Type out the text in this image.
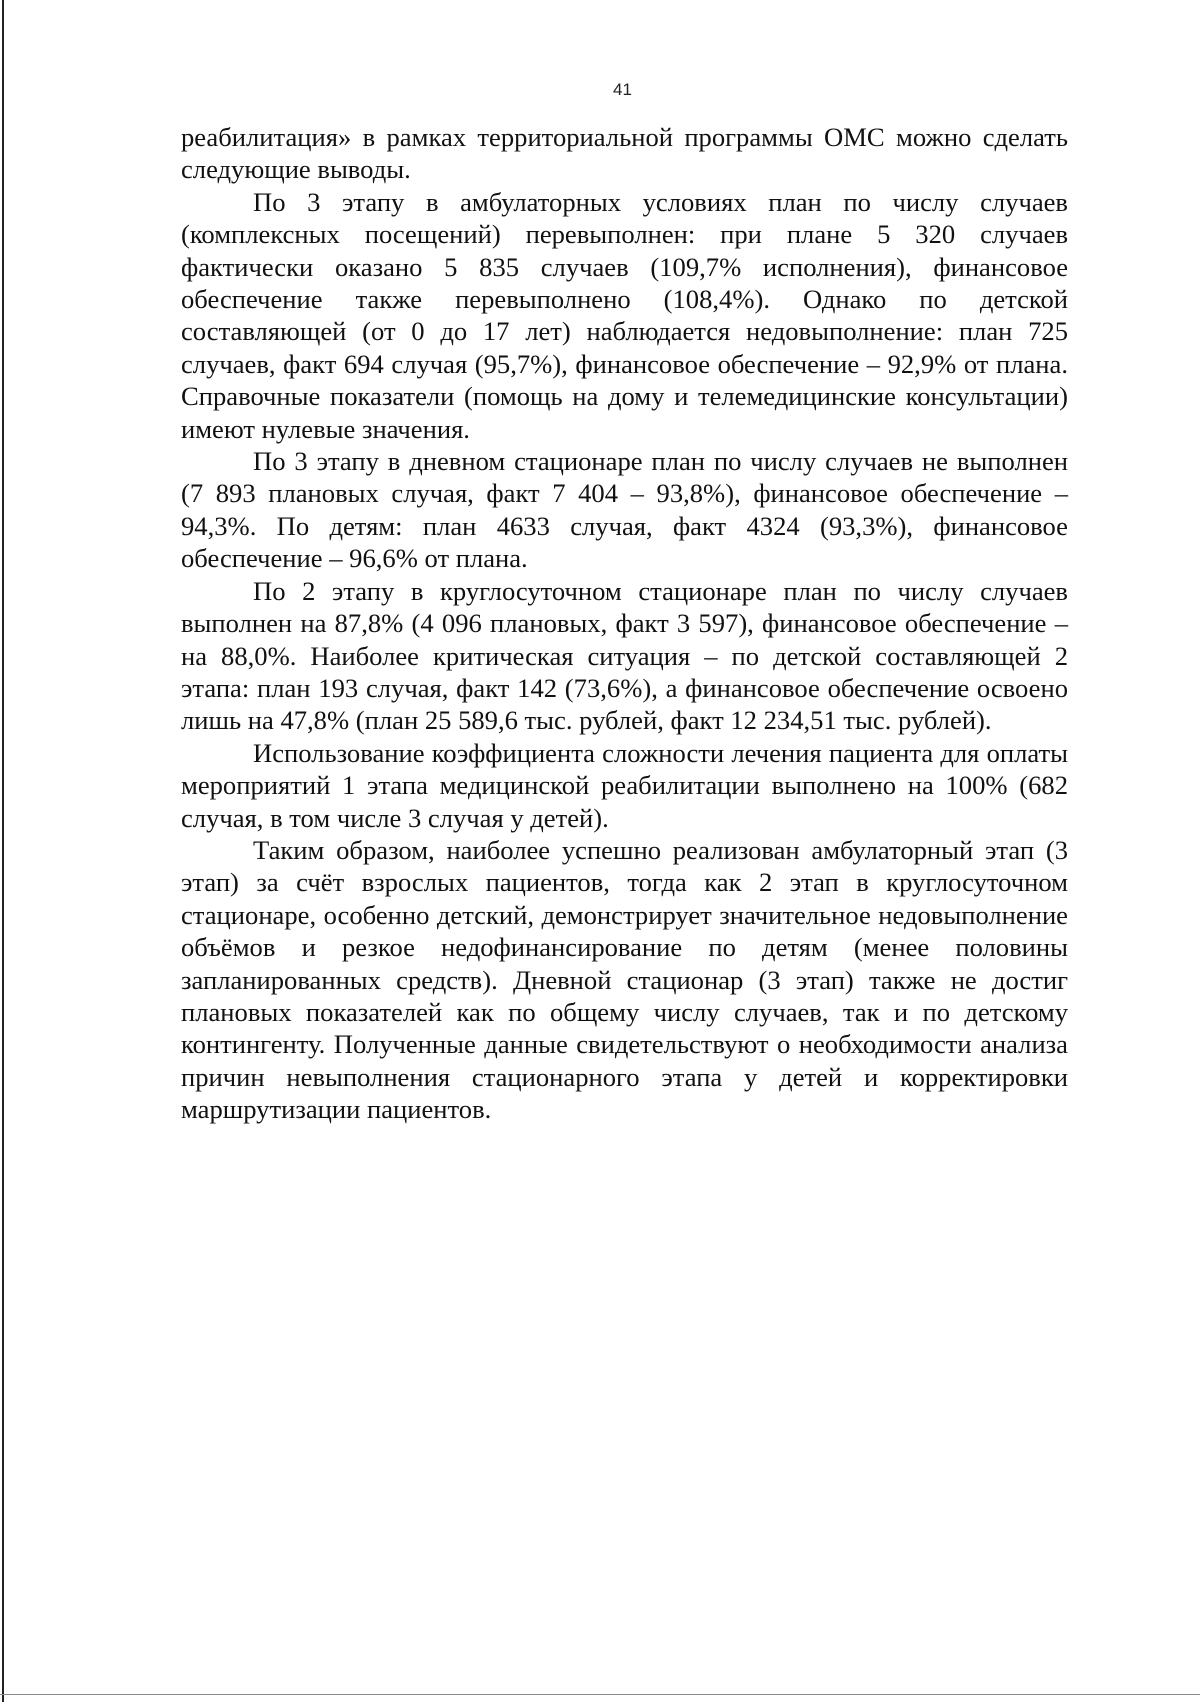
41

реабилитация» в рамках территориальной программы ОМС можно сделать следующие выводы.

По 3 этапу в амбулаторных условиях план по числу случаев (комплексных посещений) перевыполнен: при плане 5 320 случаев фактически оказано 5 835 случаев (109,7% исполнения), финансовое обеспечение также перевыполнено (108,4%). Однако по детской составляющей (от 0 до 17 лет) наблюдается недовыполнение: план 725 случаев, факт 694 случая (95,7%), финансовое обеспечение – 92,9% от плана. Справочные показатели (помощь на дому и телемедицинские консультации) имеют нулевые значения.

По 3 этапу в дневном стационаре план по числу случаев не выполнен (7 893 плановых случая, факт 7 404 – 93,8%), финансовое обеспечение – 94,3%. По детям: план 4633 случая, факт 4324 (93,3%), финансовое обеспечение – 96,6% от плана.

По 2 этапу в круглосуточном стационаре план по числу случаев выполнен на 87,8% (4 096 плановых, факт 3 597), финансовое обеспечение – на 88,0%. Наиболее критическая ситуация – по детской составляющей 2 этапа: план 193 случая, факт 142 (73,6%), а финансовое обеспечение освоено лишь на 47,8% (план 25 589,6 тыс. рублей, факт 12 234,51 тыс. рублей).

Использование коэффициента сложности лечения пациента для оплаты мероприятий 1 этапа медицинской реабилитации выполнено на 100% (682 случая, в том числе 3 случая у детей).

Таким образом, наиболее успешно реализован амбулаторный этап (3 этап) за счёт взрослых пациентов, тогда как 2 этап в круглосуточном стационаре, особенно детский, демонстрирует значительное недовыполнение объёмов и резкое недофинансирование по детям (менее половины запланированных средств). Дневной стационар (3 этап) также не достиг плановых показателей как по общему числу случаев, так и по детскому контингенту. Полученные данные свидетельствуют о необходимости анализа причин невыполнения стационарного этапа у детей и корректировки маршрутизации пациентов.
